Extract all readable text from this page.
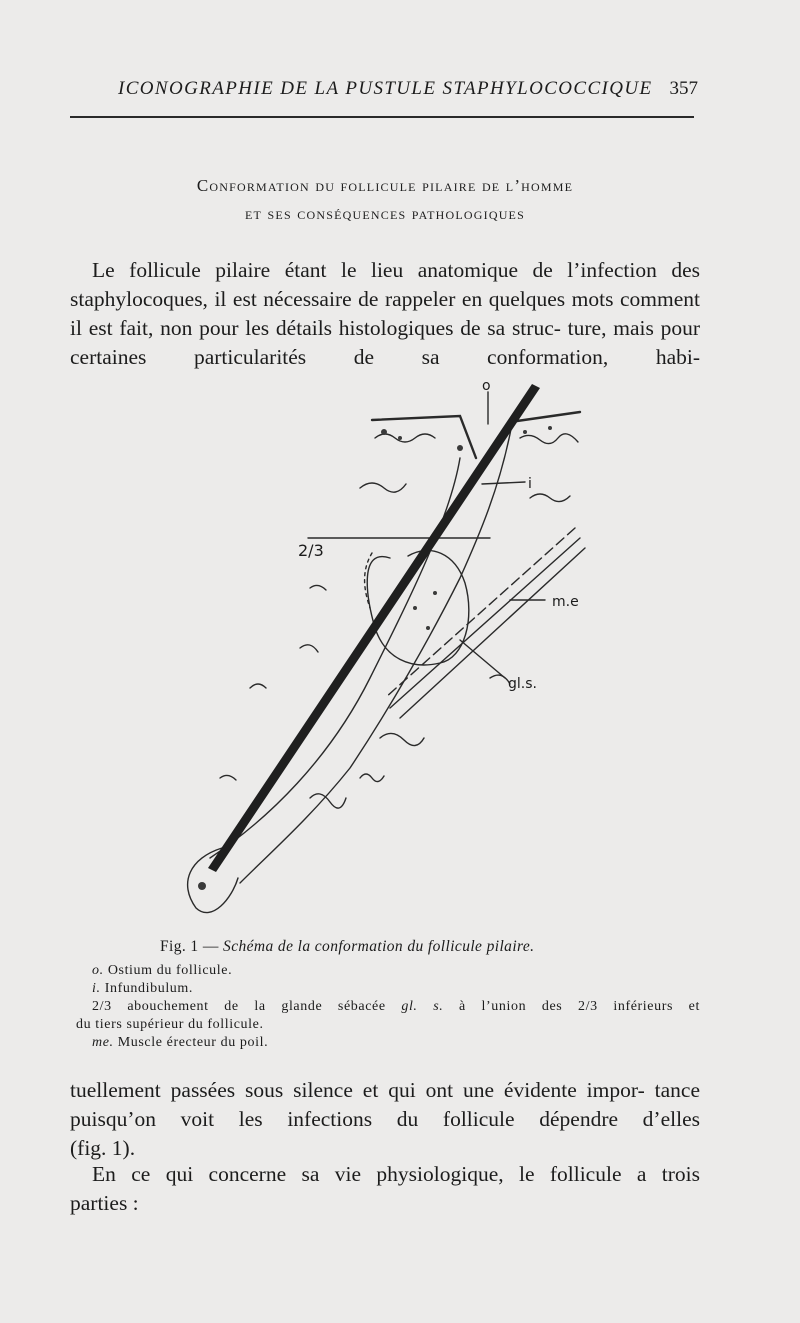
ICONOGRAPHIE DE LA PUSTULE STAPHYLOCOCCIQUE 357
Conformation du follicule pilaire de l’homme
et ses conséquences pathologiques
Le follicule pilaire étant le lieu anatomique de l’infection des staphylocoques, il est nécessaire de rappeler en quelques mots comment il est fait, non pour les détails histologiques de sa struc- ture, mais pour certaines particularités de sa conformation, habi-
o
i
2/3
m.e
gl.s.
Fig. 1 — Schéma de la conformation du follicule pilaire.
o. Ostium du follicule.
i. Infundibulum.
2/3 abouchement de la glande sébacée gl. s. à l’union des 2/3 inférieurs et
du tiers supérieur du follicule.
me. Muscle érecteur du poil.
tuellement passées sous silence et qui ont une évidente impor- tance puisqu’on voit les infections du follicule dépendre d’elles
(fig. 1).
En ce qui concerne sa vie physiologique, le follicule a trois
parties :
